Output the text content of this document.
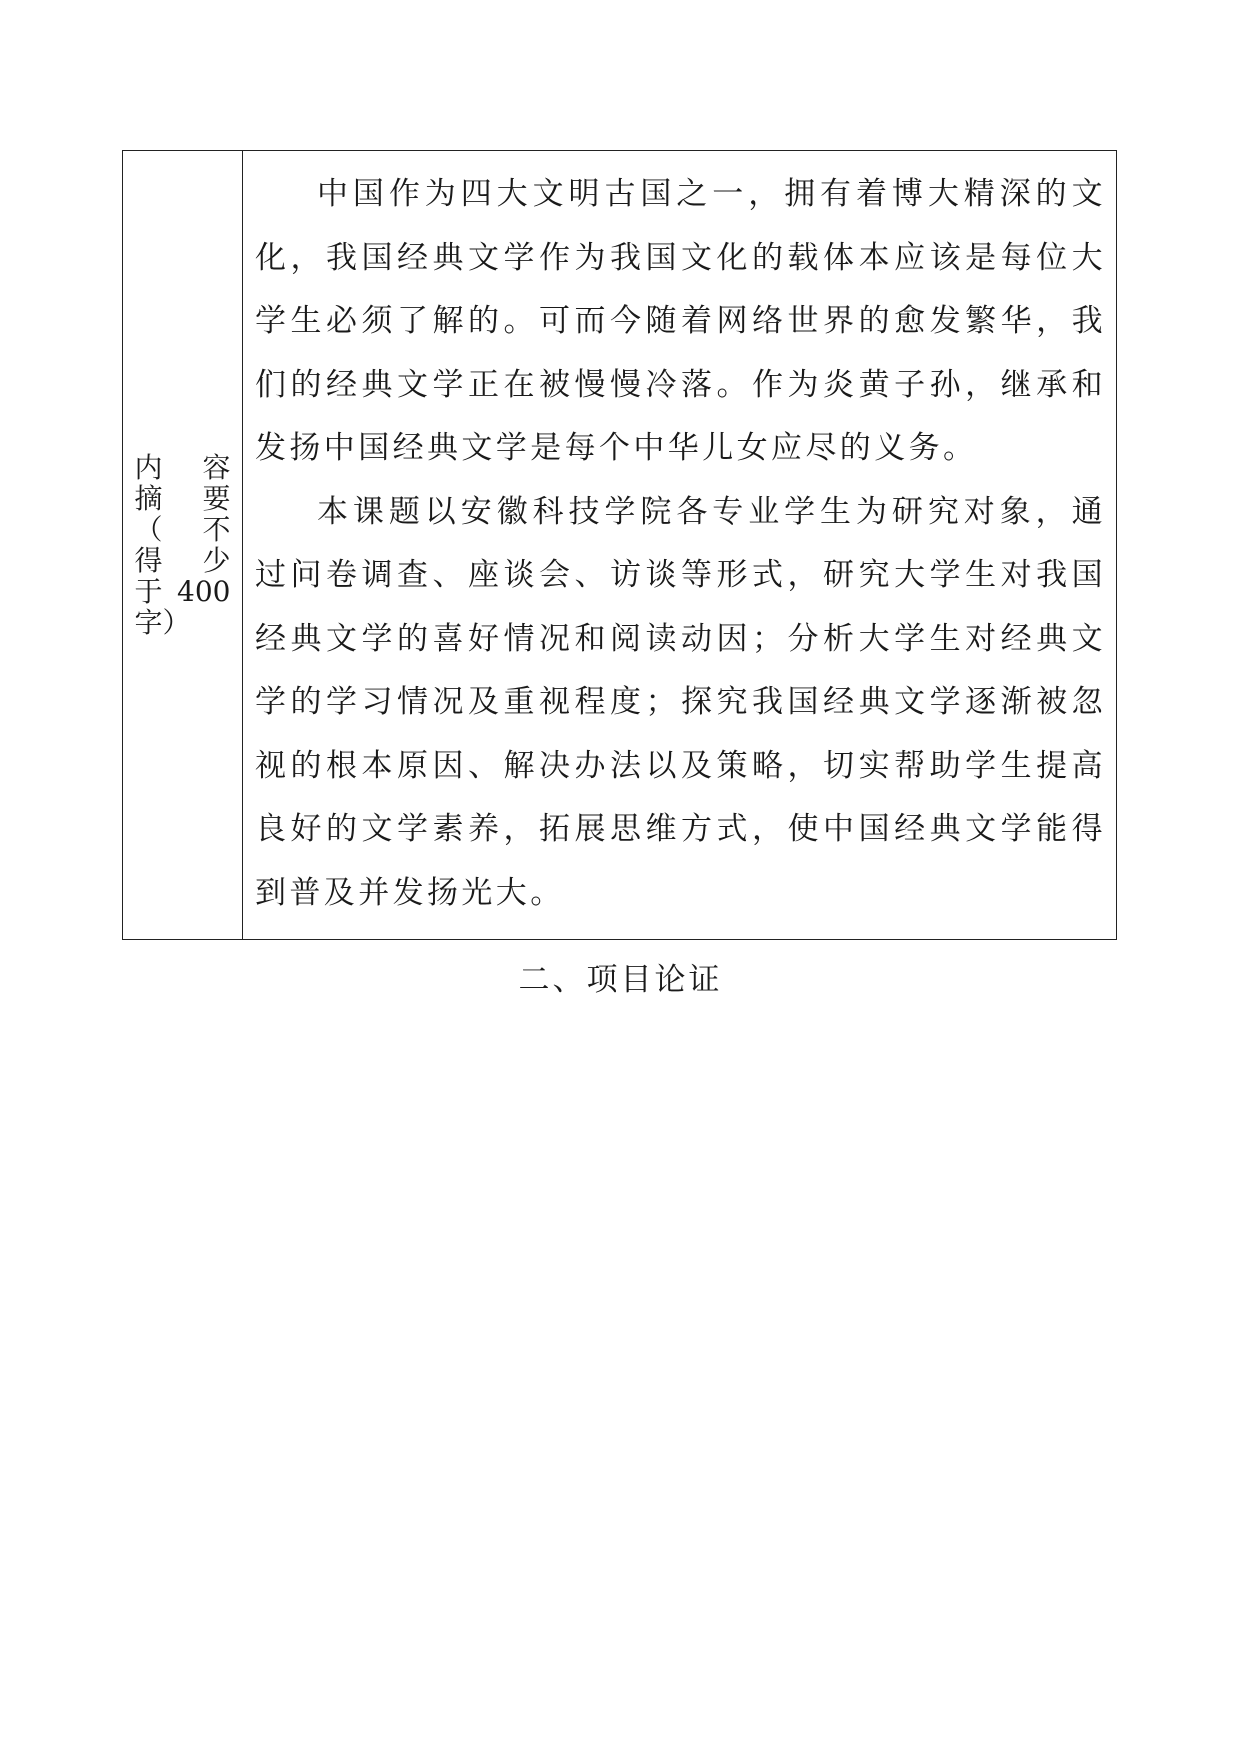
内 容
摘 要
（ 不
得 少
于 400
字）

中国作为四大文明古国之一，拥有着博大精深的文化，我国经典文学作为我国文化的载体本应该是每位大学生必须了解的。可而今随着网络世界的愈发繁华，我们的经典文学正在被慢慢冷落。作为炎黄子孙，继承和发扬中国经典文学是每个中华儿女应尽的义务。

本课题以安徽科技学院各专业学生为研究对象，通过问卷调查、座谈会、访谈等形式，研究大学生对我国经典文学的喜好情况和阅读动因；分析大学生对经典文学的学习情况及重视程度；探究我国经典文学逐渐被忽视的根本原因、解决办法以及策略，切实帮助学生提高良好的文学素养，拓展思维方式，使中国经典文学能得到普及并发扬光大。

二、项目论证
